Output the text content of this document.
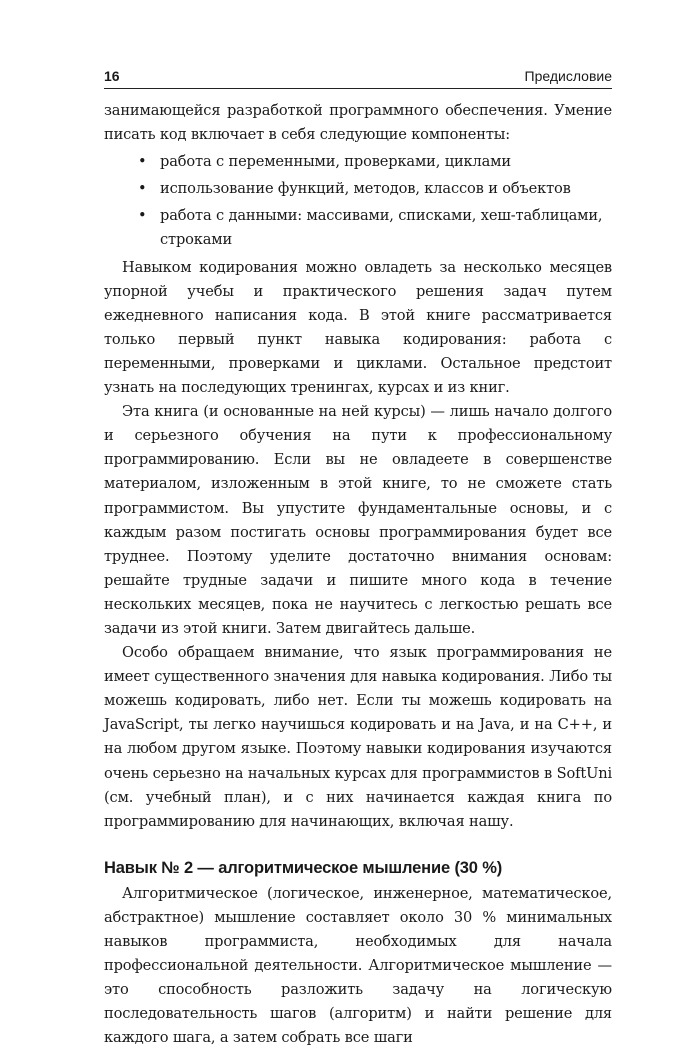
16	Предисловие

занимающейся разработкой программного обеспечения. Умение писать код включает в себя следующие компоненты:

• работа с переменными, проверками, циклами
• использование функций, методов, классов и объектов
• работа с данными: массивами, списками, хеш-таблицами, строками

Навыком кодирования можно овладеть за несколько месяцев упорной учебы и практического решения задач путем ежедневного написания кода. В этой книге рассматривается только первый пункт навыка кодирования: работа с переменными, проверками и циклами. Остальное предстоит узнать на последующих тренингах, курсах и из книг.

Эта книга (и основанные на ней курсы) — лишь начало долгого и серьезного обучения на пути к профессиональному программированию. Если вы не овладеете в совершенстве материалом, изложенным в этой книге, то не сможете стать программистом. Вы упустите фундаментальные основы, и с каждым разом постигать основы программирования будет все труднее. Поэтому уделите достаточно внимания основам: решайте трудные задачи и пишите много кода в течение нескольких месяцев, пока не научитесь с легкостью решать все задачи из этой книги. Затем двигайтесь дальше.

Особо обращаем внимание, что язык программирования не имеет существенного значения для навыка кодирования. Либо ты можешь кодировать, либо нет. Если ты можешь кодировать на JavaScript, ты легко научишься кодировать и на Java, и на C++, и на любом другом языке. Поэтому навыки кодирования изучаются очень серьезно на начальных курсах для программистов в SoftUni (см. учебный план), и с них начинается каждая книга по программированию для начинающих, включая нашу.

Навык № 2 — алгоритмическое мышление (30 %)

Алгоритмическое (логическое, инженерное, математическое, абстрактное) мышление составляет около 30 % минимальных навыков программиста, необходимых для начала профессиональной деятельности. Алгоритмическое мышление — это способность разложить задачу на логическую последовательность шагов (алгоритм) и найти решение для каждого шага, а затем собрать все шаги
